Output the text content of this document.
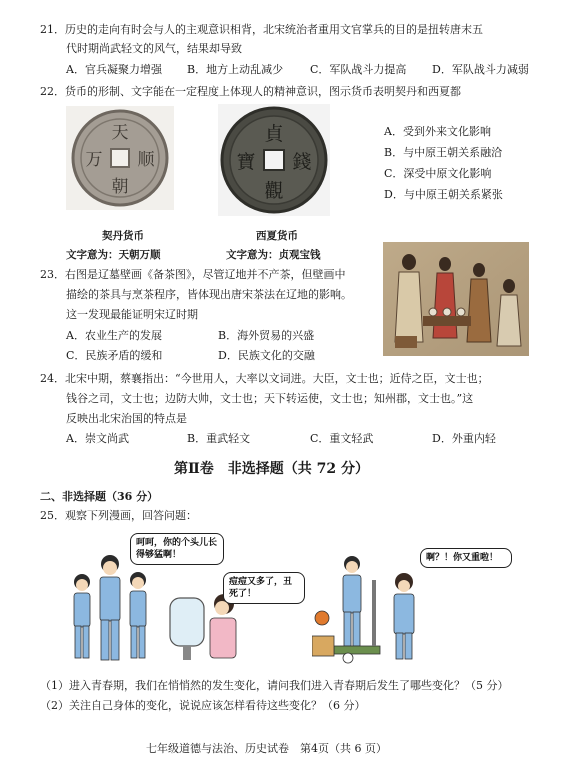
21．历史的走向有时会与人的主观意识相背，北宋统治者重用文官掌兵的目的是扭转唐末五
代时期尚武轻文的风气，结果却导致
A．官兵凝聚力增强 B．地方上动乱减少 C．军队战斗力提高 D．军队战斗力减弱
22．货币的形制、文字能在一定程度上体现人的精神意识，图示货币表明契丹和西夏都
天
朝
万 顺
貞
觀
寶 錢
契丹货币	西夏货币
文字意为：天朝万顺	文字意为：贞观宝钱
A．受到外来文化影响
B．与中原王朝关系融洽
C．深受中原文化影响
D．与中原王朝关系紧张
23．右图是辽墓壁画《备茶图》，尽管辽地并不产茶，但壁画中
描绘的茶具与烹茶程序，皆体现出唐宋茶法在辽地的影响。
这一发现最能证明宋辽时期
A．农业生产的发展	B．海外贸易的兴盛
C．民族矛盾的缓和	D．民族文化的交融
24．北宋中期，蔡襄指出：“今世用人，大率以文词进。大臣，文士也；近侍之臣，文士也；
钱谷之司，文士也；边防大帅，文士也；天下转运使，文士也；知州郡，文士也。”这
反映出北宋治国的特点是
A．崇文尚武	B．重武轻文	C．重文轻武	D．外重内轻
第Ⅱ卷　非选择题（共 72 分）
二、非选择题（36 分）
25．观察下列漫画，回答问题：
呵呵，你的个头儿长得够猛啊！
痘痘又多了，丑死了！
啊？！你又重啦！
（1）进入青春期，我们在悄悄然的发生变化，请问我们进入青春期后发生了哪些变化？（5 分）
（2）关注自己身体的变化，说说应该怎样看待这些变化？（6 分）
七年级道德与法治、历史试卷　第4页（共 6 页）
